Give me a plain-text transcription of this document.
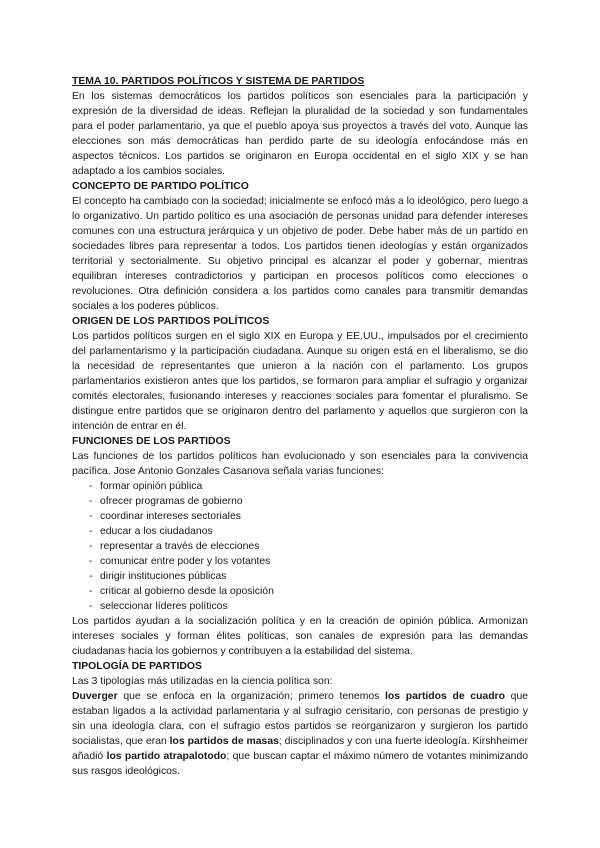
TEMA 10. PARTIDOS POLÍTICOS Y SISTEMA DE PARTIDOS

En los sistemas democráticos los partidos políticos son esenciales para la participación y expresión de la diversidad de ideas. Reflejan la pluralidad de la sociedad y son fundamentales para el poder parlamentario, ya que el pueblo apoya sus proyectos a través del voto. Aunque las elecciones son más democráticas han perdido parte de su ideología enfocándose más en aspectos técnicos. Los partidos se originaron en Europa occidental en el siglo XIX y se han adaptado a los cambios sociales.

CONCEPTO DE PARTIDO POLÍTICO

El concepto ha cambiado con la sociedad; inicialmente se enfocó más a lo ideológico, pero luego a lo organizativo. Un partido político es una asociación de personas unidad para defender intereses comunes con una estructura jerárquica y un objetivo de poder. Debe haber más de un partido en sociedades libres para representar a todos. Los partidos tienen ideologías y están organizados territorial y sectorialmente. Su objetivo principal es alcanzar el poder y gobernar, mientras equilibran intereses contradictorios y participan en procesos políticos como elecciones o revoluciones. Otra definición considera a los partidos como canales para transmitir demandas sociales a los poderes públicos.

ORIGEN DE LOS PARTIDOS POLÍTICOS

Los partidos políticos surgen en el siglo XIX en Europa y EE.UU., impulsados por el crecimiento del parlamentarismo y la participación ciudadana. Aunque su origen está en el liberalismo, se dio la necesidad de representantes que unieron a la nación con el parlamento. Los grupos parlamentarios existieron antes que los partidos, se formaron para ampliar el sufragio y organizar comités electorales, fusionando intereses y reacciones sociales para fomentar el pluralismo. Se distingue entre partidos que se originaron dentro del parlamento y aquellos que surgieron con la intención de entrar en él.

FUNCIONES DE LOS PARTIDOS

Las funciones de los partidos políticos han evolucionado y son esenciales para la convivencia pacífica. Jose Antonio Gonzales Casanova señala varias funciones:

- formar opinión pública
- ofrecer programas de gobierno
- coordinar intereses sectoriales
- educar a los ciudadanos
- representar a través de elecciones
- comunicar entre poder y los votantes
- dirigir instituciones públicas
- criticar al gobierno desde la oposición
- seleccionar líderes políticos

Los partidos ayudan a la socialización política y en la creación de opinión pública. Armonizan intereses sociales y forman élites políticas, son canales de expresión para las demandas ciudadanas hacia los gobiernos y contribuyen a la estabilidad del sistema.

TIPOLOGÍA DE PARTIDOS

Las 3 tipologías más utilizadas en la ciencia política son:

Duverger que se enfoca en la organización; primero tenemos los partidos de cuadro que estaban ligados a la actividad parlamentaria y al sufragio censitario, con personas de prestigio y sin una ideología clara, con el sufragio estos partidos se reorganizaron y surgieron los partido socialistas, que eran los partidos de masas; disciplinados y con una fuerte ideología. Kirshheimer añadió los partido atrapalotodo; que buscan captar el máximo número de votantes minimizando sus rasgos ideológicos.
